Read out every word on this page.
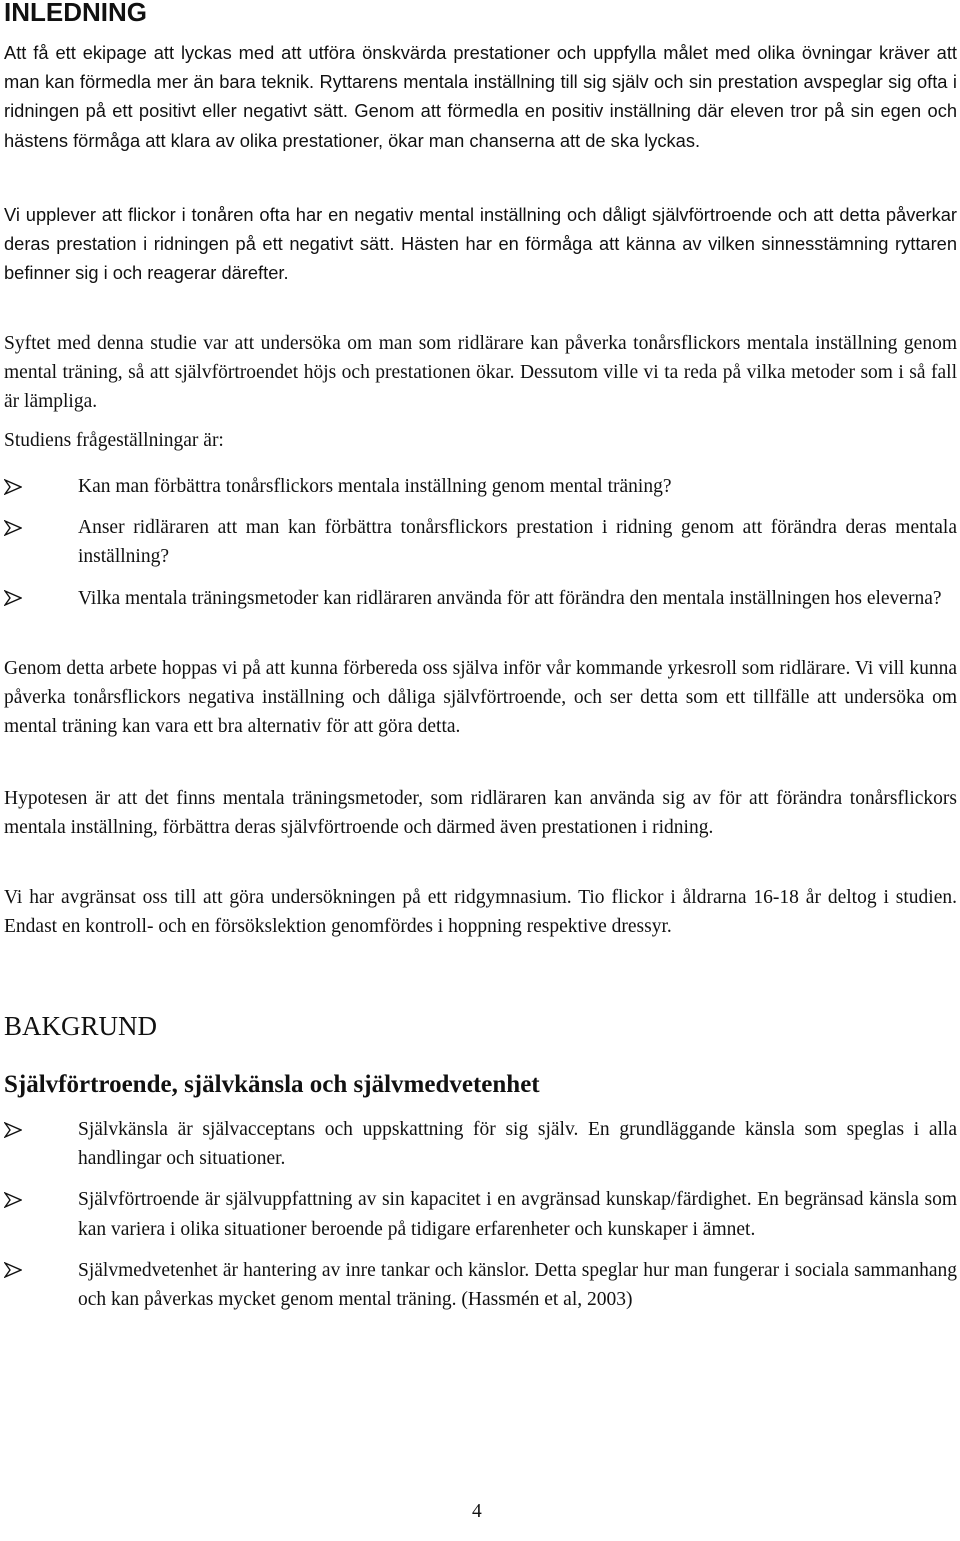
INLEDNING

Att få ett ekipage att lyckas med att utföra önskvärda prestationer och uppfylla målet med olika övningar kräver att man kan förmedla mer än bara teknik. Ryttarens mentala inställning till sig själv och sin prestation avspeglar sig ofta i ridningen på ett positivt eller negativt sätt. Genom att förmedla en positiv inställning där eleven tror på sin egen och hästens förmåga att klara av olika prestationer, ökar man chanserna att de ska lyckas.

Vi upplever att flickor i tonåren ofta har en negativ mental inställning och dåligt självförtroende och att detta påverkar deras prestation i ridningen på ett negativt sätt. Hästen har en förmåga att känna av vilken sinnesstämning ryttaren befinner sig i och reagerar därefter.

Syftet med denna studie var att undersöka om man som ridlärare kan påverka tonårsflickors mentala inställning genom mental träning, så att självförtroendet höjs och prestationen ökar. Dessutom ville vi ta reda på vilka metoder som i så fall är lämpliga.

Studiens frågeställningar är:

Kan man förbättra tonårsflickors mentala inställning genom mental träning?
Anser ridläraren att man kan förbättra tonårsflickors prestation i ridning genom att förändra deras mentala inställning?
Vilka mentala träningsmetoder kan ridläraren använda för att förändra den mentala inställningen hos eleverna?

Genom detta arbete hoppas vi på att kunna förbereda oss själva inför vår kommande yrkesroll som ridlärare. Vi vill kunna påverka tonårsflickors negativa inställning och dåliga självförtroende, och ser detta som ett tillfälle att undersöka om mental träning kan vara ett bra alternativ för att göra detta.

Hypotesen är att det finns mentala träningsmetoder, som ridläraren kan använda sig av för att förändra tonårsflickors mentala inställning, förbättra deras självförtroende och därmed även prestationen i ridning.

Vi har avgränsat oss till att göra undersökningen på ett ridgymnasium. Tio flickor i åldrarna 16-18 år deltog i studien. Endast en kontroll- och en försökslektion genomfördes i hoppning respektive dressyr.

BAKGRUND
Självförtroende, självkänsla och självmedvetenhet
Självkänsla är självacceptans och uppskattning för sig själv. En grundläggande känsla som speglas i alla handlingar och situationer.
Självförtroende är självuppfattning av sin kapacitet i en avgränsad kunskap/färdighet. En begränsad känsla som kan variera i olika situationer beroende på tidigare erfarenheter och kunskaper i ämnet.
Självmedvetenhet är hantering av inre tankar och känslor. Detta speglar hur man fungerar i sociala sammanhang och kan påverkas mycket genom mental träning. (Hassmén et al, 2003)
4
